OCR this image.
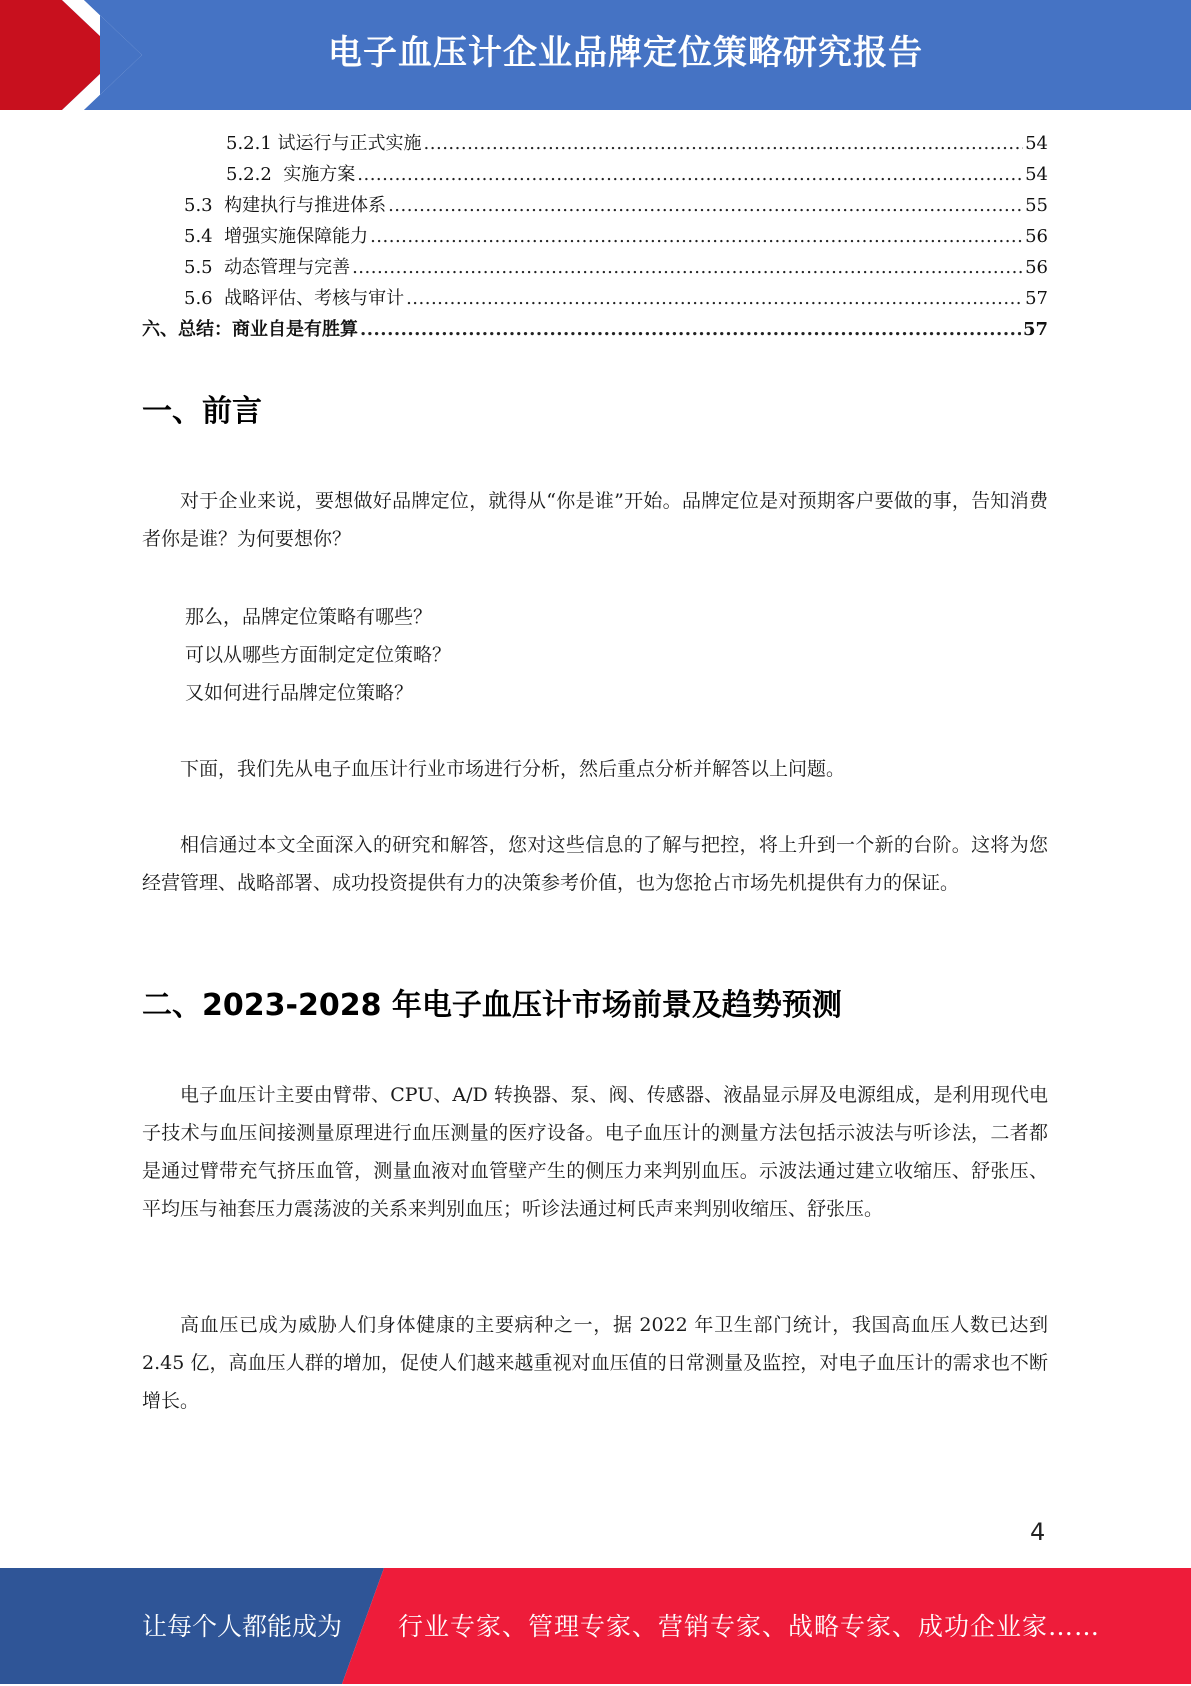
电子血压计企业品牌定位策略研究报告
5.2.1 试运行与正式实施 .....	54
5.2.2 实施方案 .....	54
5.3 构建执行与推进体系 .....	55
5.4 增强实施保障能力 .....	56
5.5 动态管理与完善 .....	56
5.6 战略评估、考核与审计 .....	57
六、总结：商业自是有胜算 .....	57
一、前言
对于企业来说，要想做好品牌定位，就得从“你是谁”开始。品牌定位是对预期客户要做的事，告知消费者你是谁？为何要想你？
那么，品牌定位策略有哪些？
可以从哪些方面制定定位策略？
又如何进行品牌定位策略？
下面，我们先从电子血压计行业市场进行分析，然后重点分析并解答以上问题。
相信通过本文全面深入的研究和解答，您对这些信息的了解与把控，将上升到一个新的台阶。这将为您经营管理、战略部署、成功投资提供有力的决策参考价值，也为您抢占市场先机提供有力的保证。
二、2023-2028 年电子血压计市场前景及趋势预测
电子血压计主要由臂带、CPU、A/D 转换器、泵、阀、传感器、液晶显示屏及电源组成，是利用现代电子技术与血压间接测量原理进行血压测量的医疗设备。电子血压计的测量方法包括示波法与听诊法，二者都是通过臂带充气挤压血管，测量血液对血管壁产生的侧压力来判别血压。示波法通过建立收缩压、舒张压、平均压与袖套压力震荡波的关系来判别血压；听诊法通过柯氏声来判别收缩压、舒张压。
高血压已成为威胁人们身体健康的主要病种之一，据 2022 年卫生部门统计，我国高血压人数已达到 2.45 亿，高血压人群的增加，促使人们越来越重视对血压值的日常测量及监控，对电子血压计的需求也不断增长。
4
让每个人都能成为 行业专家、管理专家、营销专家、战略专家、成功企业家……
